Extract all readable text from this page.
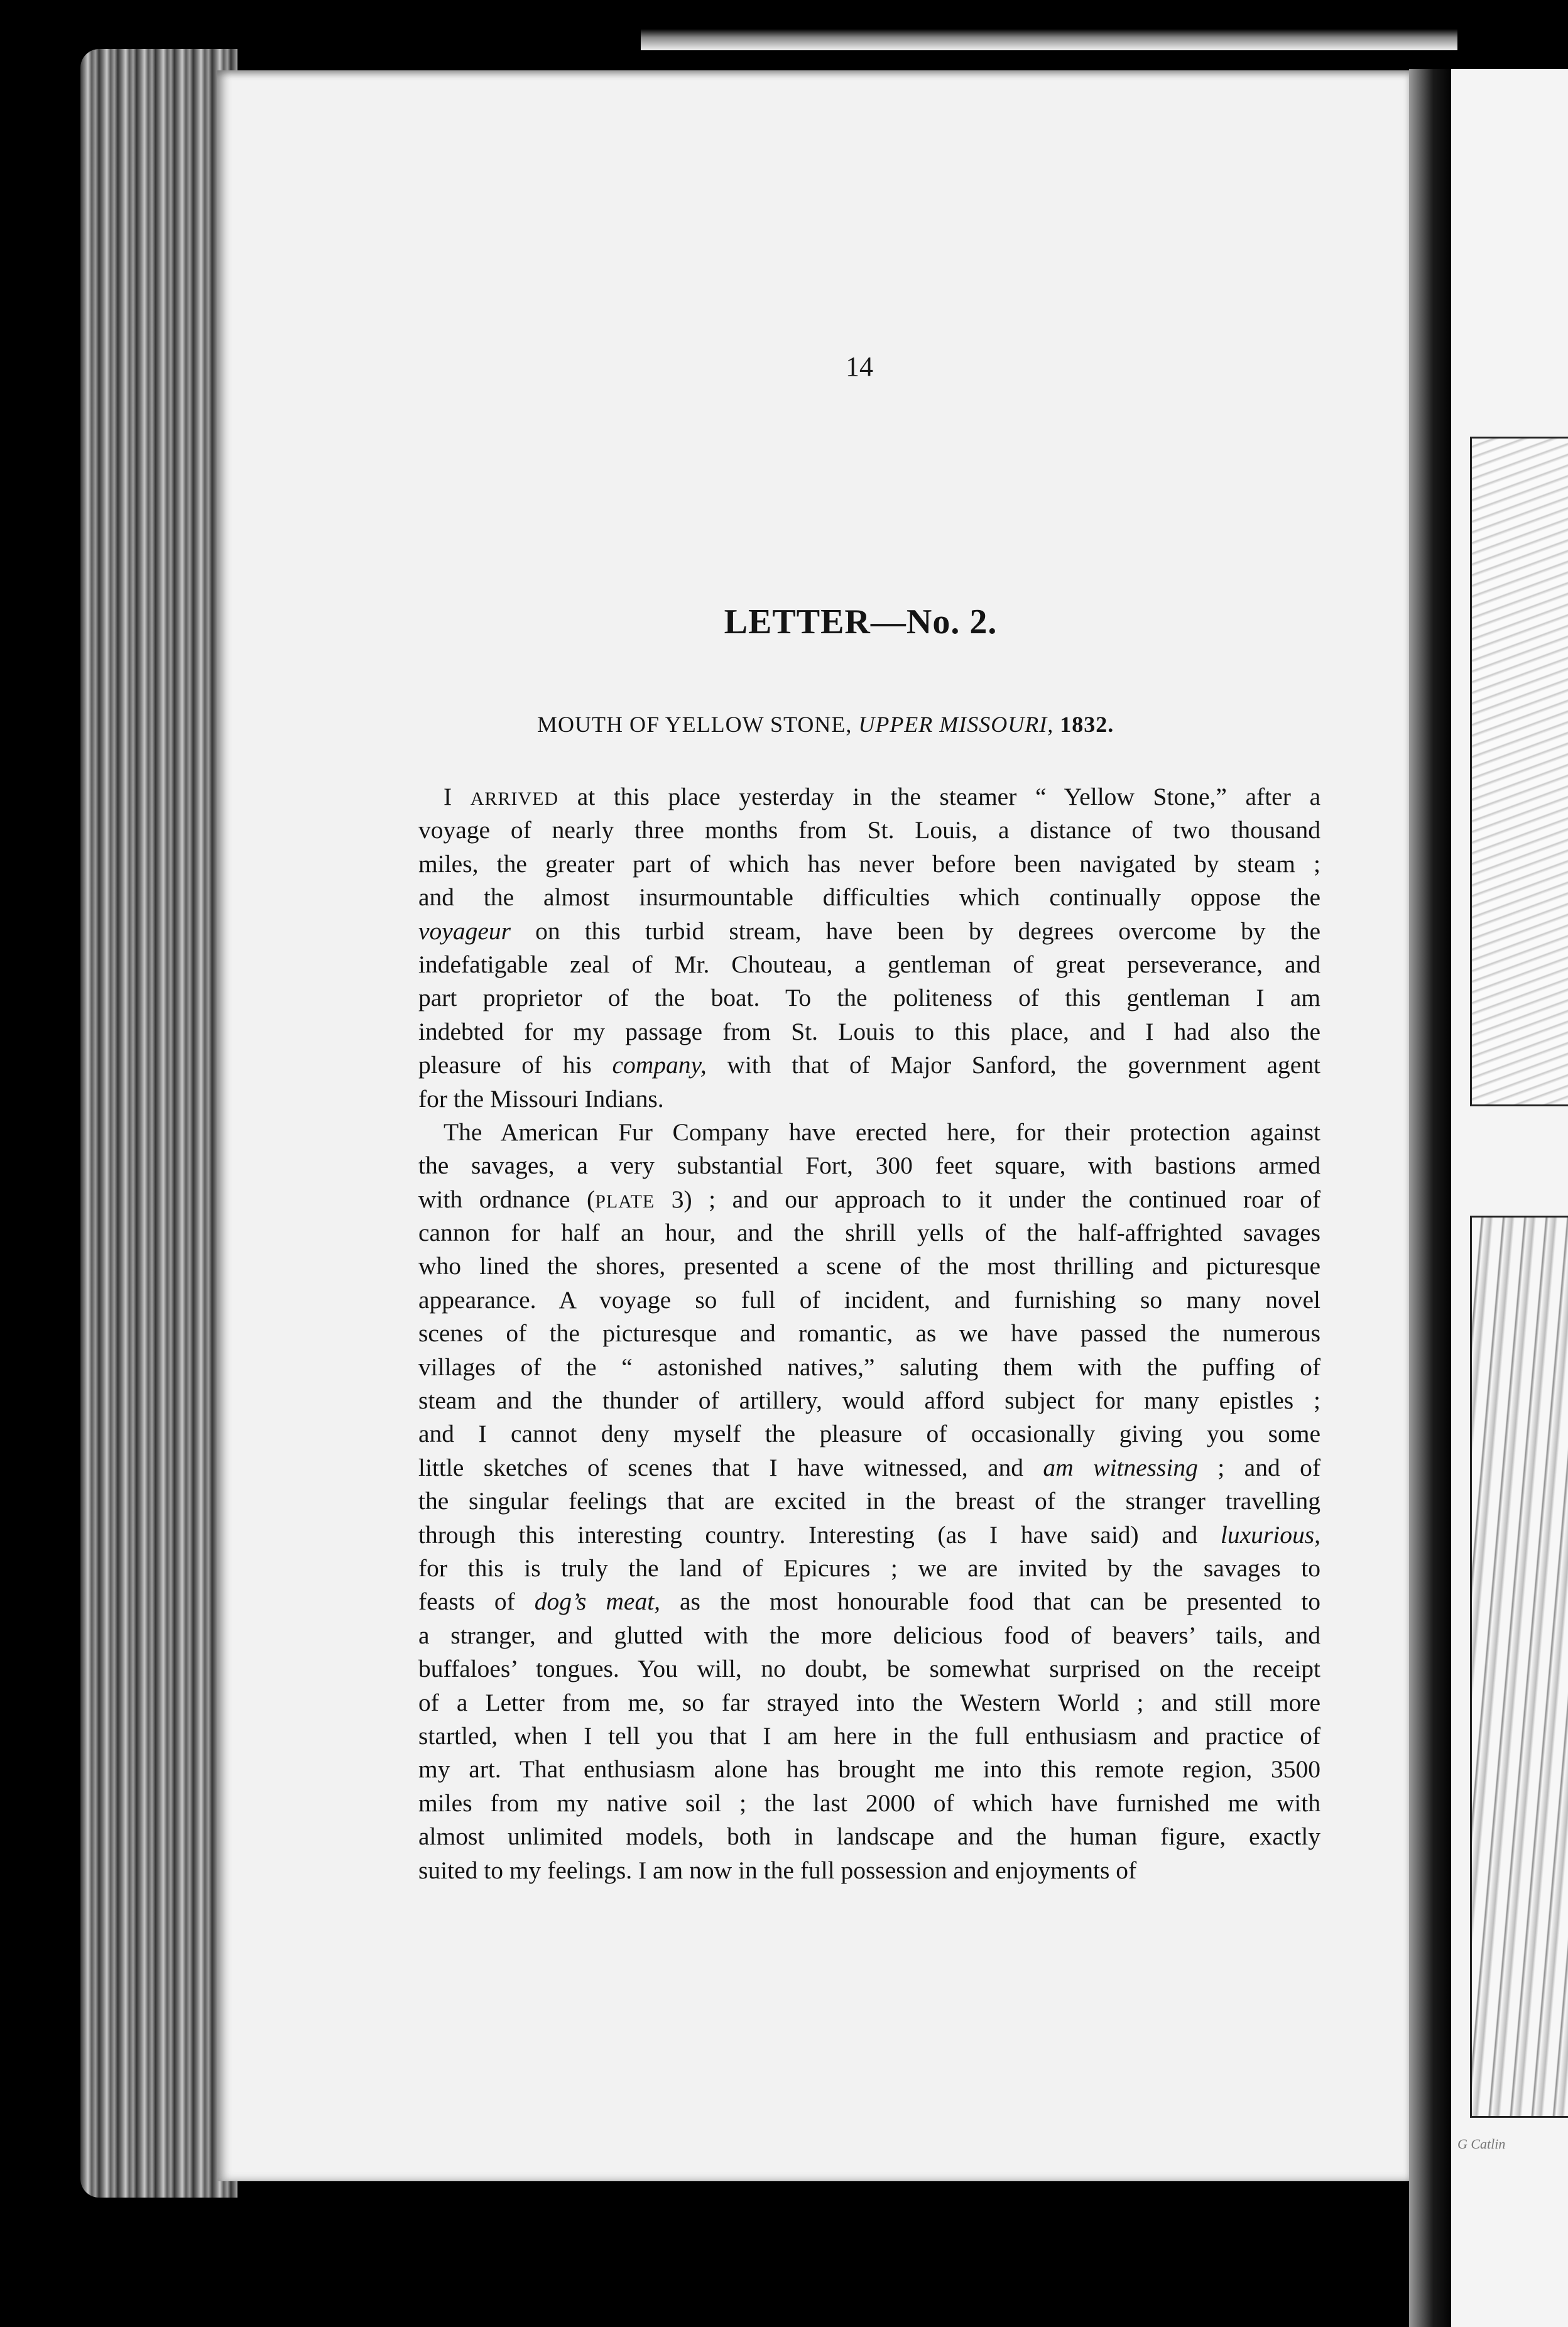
G Catlin
14
LETTER—No. 2.
MOUTH OF YELLOW STONE, UPPER MISSOURI, 1832.
I ARRIVED at this place yesterday in the steamer “ Yellow Stone,” after a
voyage of nearly three months from St. Louis, a distance of two thousand
miles, the greater part of which has never before been navigated by steam ;
and the almost insurmountable difficulties which continually oppose the
voyageur on this turbid stream, have been by degrees overcome by the
indefatigable zeal of Mr. Chouteau, a gentleman of great perseverance, and
part proprietor of the boat. To the politeness of this gentleman I am
indebted for my passage from St. Louis to this place, and I had also the
pleasure of his company, with that of Major Sanford, the government agent
for the Missouri Indians.
The American Fur Company have erected here, for their protection against
the savages, a very substantial Fort, 300 feet square, with bastions armed
with ordnance (PLATE 3) ; and our approach to it under the continued roar of
cannon for half an hour, and the shrill yells of the half-affrighted savages
who lined the shores, presented a scene of the most thrilling and picturesque
appearance. A voyage so full of incident, and furnishing so many novel
scenes of the picturesque and romantic, as we have passed the numerous
villages of the “ astonished natives,” saluting them with the puffing of
steam and the thunder of artillery, would afford subject for many epistles ;
and I cannot deny myself the pleasure of occasionally giving you some
little sketches of scenes that I have witnessed, and am witnessing ; and of
the singular feelings that are excited in the breast of the stranger travelling
through this interesting country. Interesting (as I have said) and luxurious,
for this is truly the land of Epicures ; we are invited by the savages to
feasts of dog’s meat, as the most honourable food that can be presented to
a stranger, and glutted with the more delicious food of beavers’ tails, and
buffaloes’ tongues. You will, no doubt, be somewhat surprised on the receipt
of a Letter from me, so far strayed into the Western World ; and still more
startled, when I tell you that I am here in the full enthusiasm and practice of
my art. That enthusiasm alone has brought me into this remote region, 3500
miles from my native soil ; the last 2000 of which have furnished me with
almost unlimited models, both in landscape and the human figure, exactly
suited to my feelings. I am now in the full possession and enjoyments of
